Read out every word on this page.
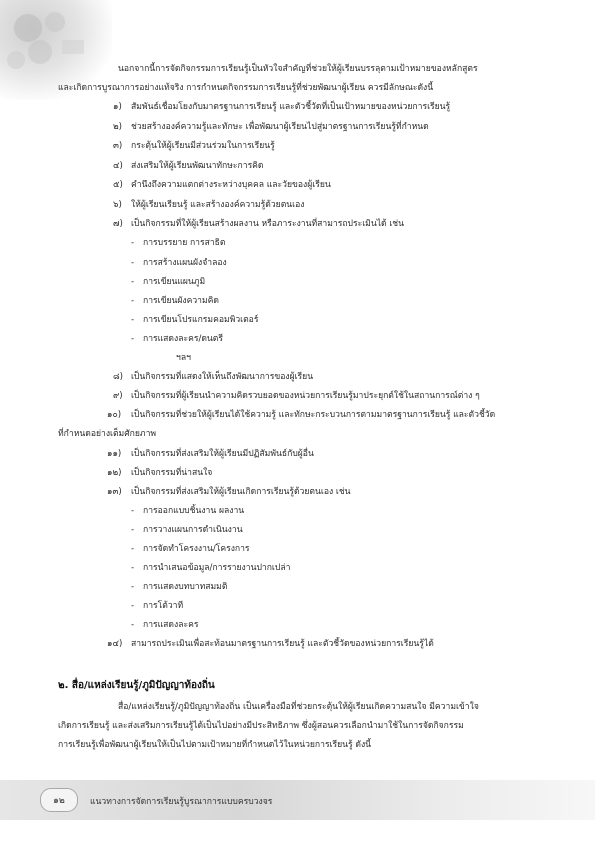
นอกจากนี้การจัดกิจกรรมการเรียนรู้เป็นหัวใจสำคัญที่ช่วยให้ผู้เรียนบรรลุตามเป้าหมายของหลักสูตร
และเกิดการบูรณาการอย่างแท้จริง การกำหนดกิจกรรมการเรียนรู้ที่ช่วยพัฒนาผู้เรียน ควรมีลักษณะดังนี้
๑) สัมพันธ์เชื่อมโยงกับมาตรฐานการเรียนรู้ และตัวชี้วัดที่เป็นเป้าหมายของหน่วยการเรียนรู้
๒) ช่วยสร้างองค์ความรู้และทักษะ เพื่อพัฒนาผู้เรียนไปสู่มาตรฐานการเรียนรู้ที่กำหนด
๓) กระตุ้นให้ผู้เรียนมีส่วนร่วมในการเรียนรู้
๔) ส่งเสริมให้ผู้เรียนพัฒนาทักษะการคิด
๕) คำนึงถึงความแตกต่างระหว่างบุคคล และวัยของผู้เรียน
๖) ให้ผู้เรียนเรียนรู้ และสร้างองค์ความรู้ด้วยตนเอง
๗) เป็นกิจกรรมที่ให้ผู้เรียนสร้างผลงาน หรือภาระงานที่สามารถประเมินได้ เช่น
- การบรรยาย การสาธิต
- การสร้างแผนผังจำลอง
- การเขียนแผนภูมิ
- การเขียนผังความคิด
- การเขียนโปรแกรมคอมพิวเตอร์
- การแสดงละคร/ดนตรี
ฯลฯ
๘) เป็นกิจกรรมที่แสดงให้เห็นถึงพัฒนาการของผู้เรียน
๙) เป็นกิจกรรมที่ผู้เรียนนำความคิดรวบยอดของหน่วยการเรียนรู้มาประยุกต์ใช้ในสถานการณ์ต่าง ๆ
๑๐) เป็นกิจกรรมที่ช่วยให้ผู้เรียนได้ใช้ความรู้ และทักษะกระบวนการตามมาตรฐานการเรียนรู้ และตัวชี้วัด
ที่กำหนดอย่างเต็มศักยภาพ
๑๑) เป็นกิจกรรมที่ส่งเสริมให้ผู้เรียนมีปฏิสัมพันธ์กับผู้อื่น
๑๒) เป็นกิจกรรมที่น่าสนใจ
๑๓) เป็นกิจกรรมที่ส่งเสริมให้ผู้เรียนเกิดการเรียนรู้ด้วยตนเอง เช่น
- การออกแบบชิ้นงาน ผลงาน
- การวางแผนการดำเนินงาน
- การจัดทำโครงงาน/โครงการ
- การนำเสนอข้อมูล/การรายงานปากเปล่า
- การแสดงบทบาทสมมติ
- การโต้วาที
- การแสดงละคร
๑๔) สามารถประเมินเพื่อสะท้อนมาตรฐานการเรียนรู้ และตัวชี้วัดของหน่วยการเรียนรู้ได้
๒. สื่อ/แหล่งเรียนรู้/ภูมิปัญญาท้องถิ่น
สื่อ/แหล่งเรียนรู้/ภูมิปัญญาท้องถิ่น เป็นเครื่องมือที่ช่วยกระตุ้นให้ผู้เรียนเกิดความสนใจ มีความเข้าใจ
เกิดการเรียนรู้ และส่งเสริมการเรียนรู้ได้เป็นไปอย่างมีประสิทธิภาพ ซึ่งผู้สอนควรเลือกนำมาใช้ในการจัดกิจกรรม
การเรียนรู้เพื่อพัฒนาผู้เรียนให้เป็นไปตามเป้าหมายที่กำหนดไว้ในหน่วยการเรียนรู้ ดังนี้
๑๒	แนวทางการจัดการเรียนรู้บูรณาการแบบครบวงจร
